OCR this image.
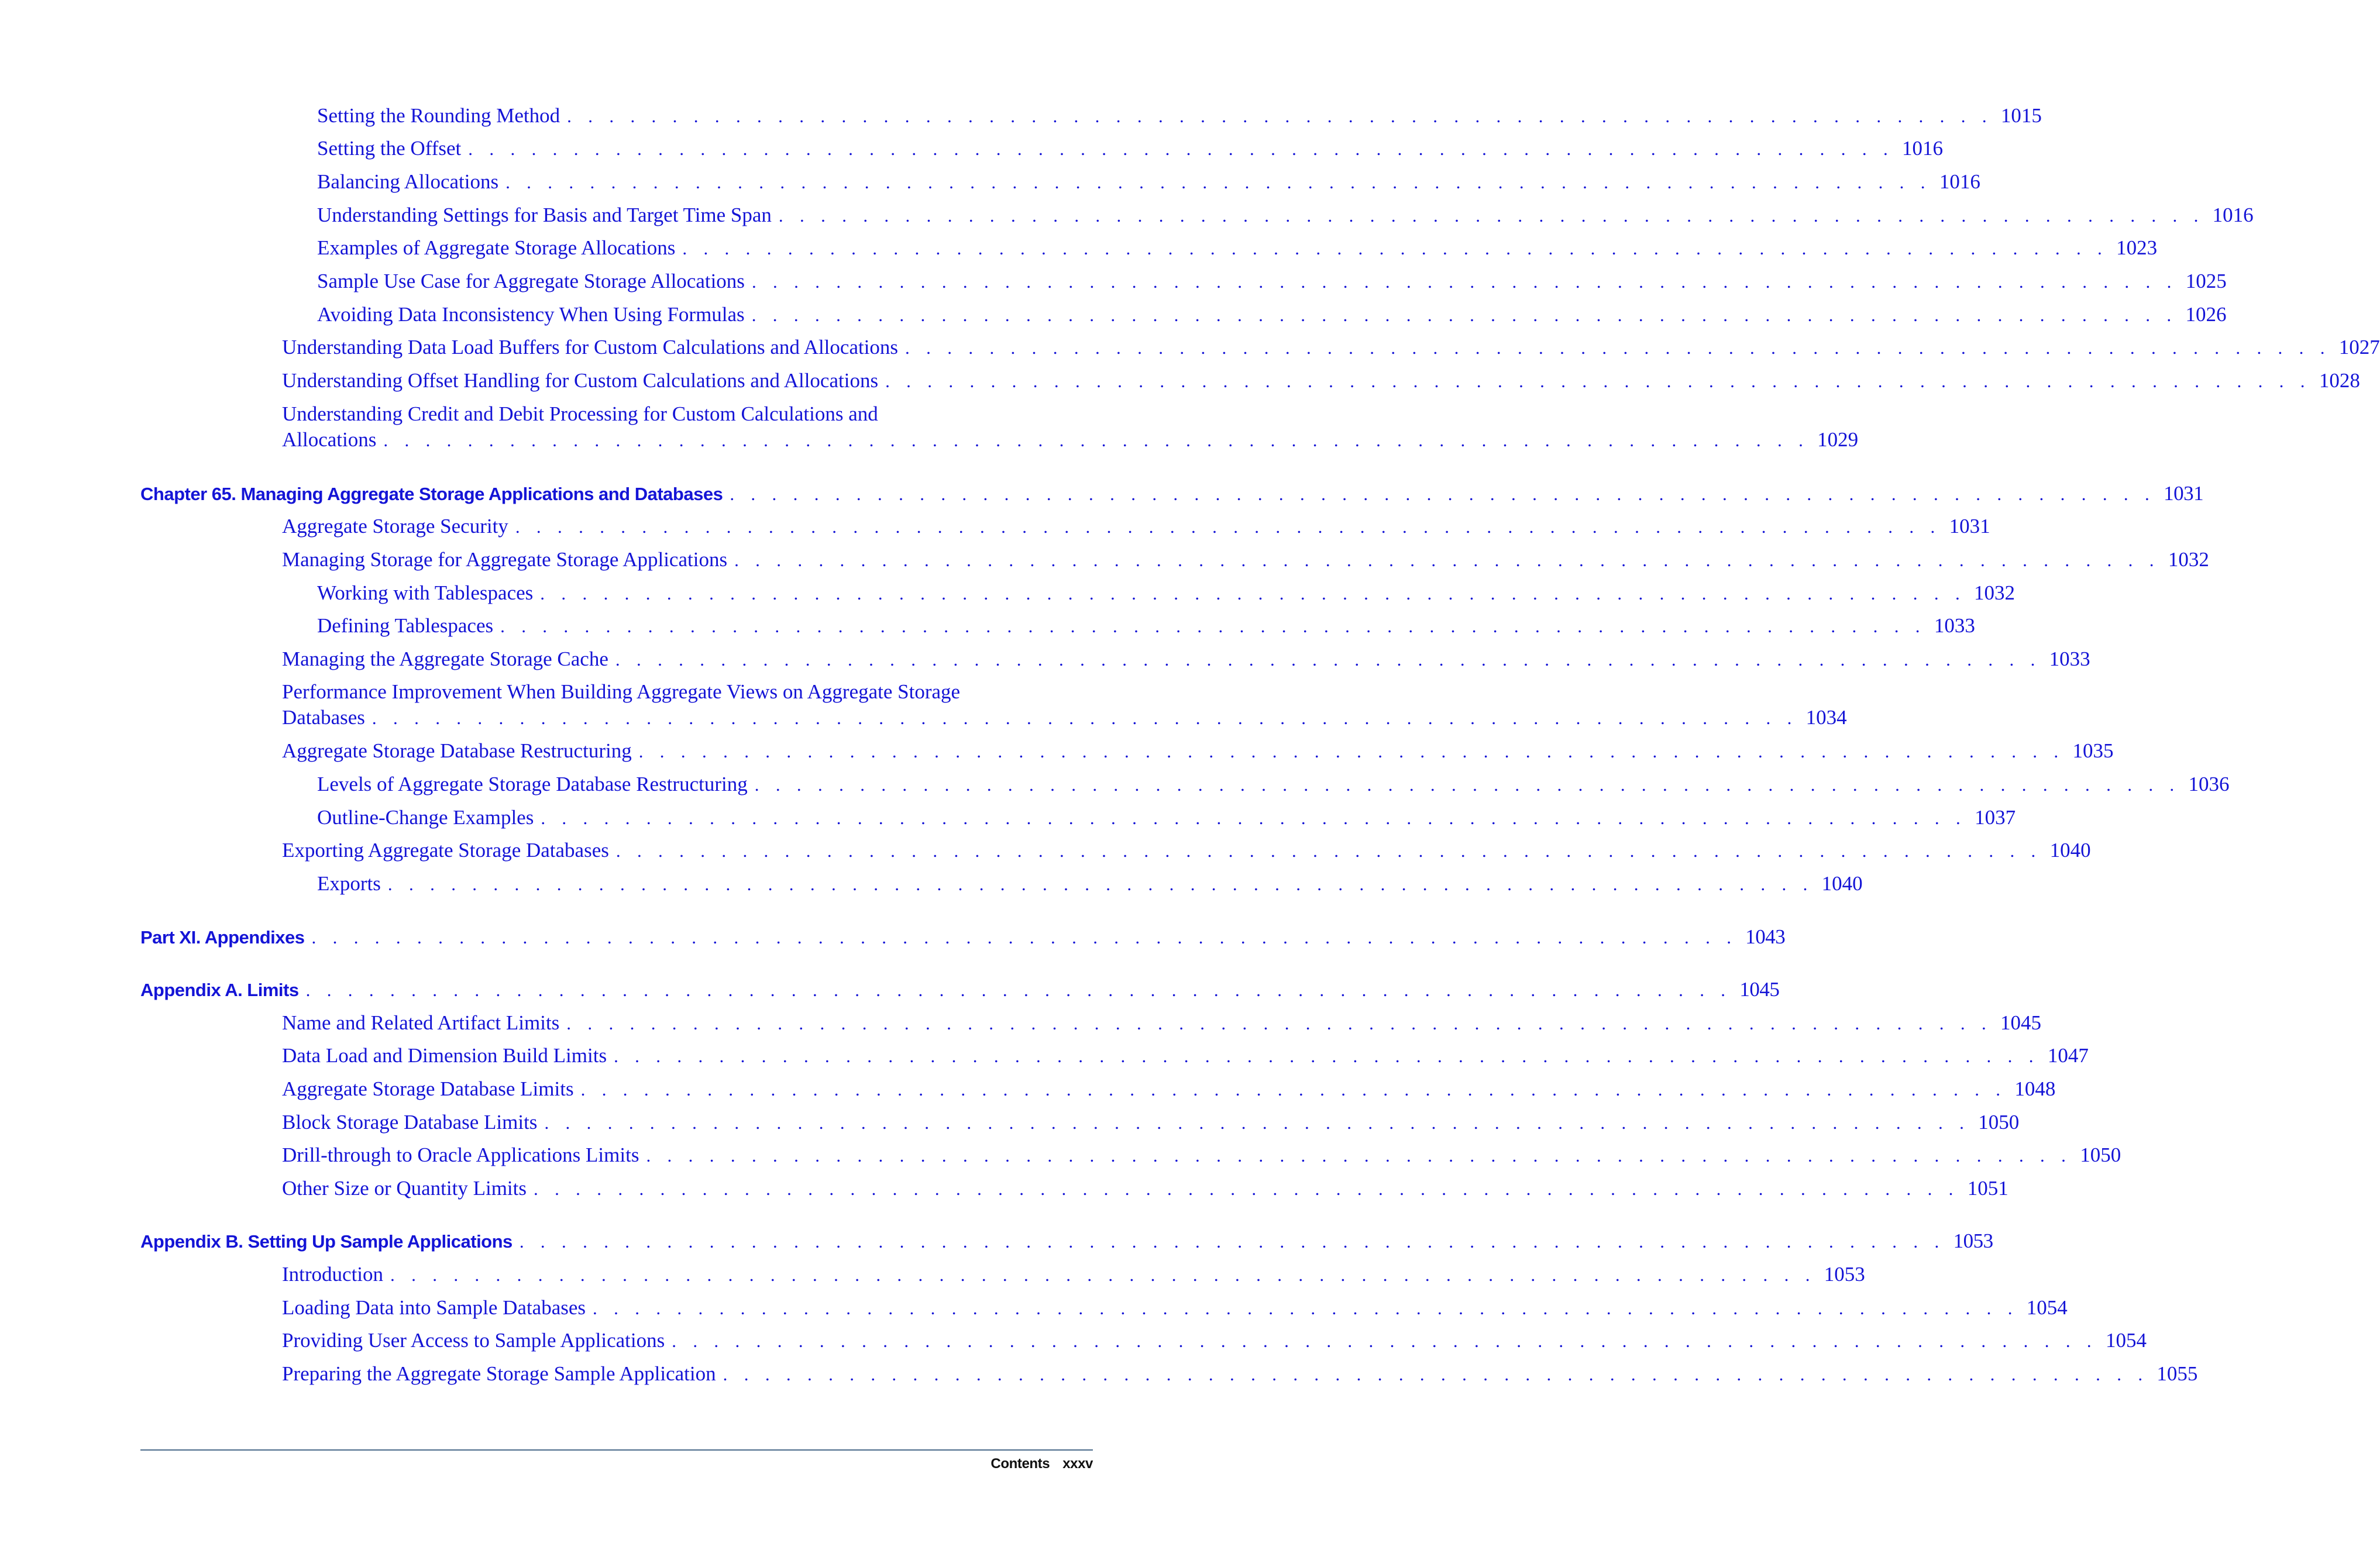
Setting the Rounding Method . . . . . . . . . . . . . . . . . . . . . . . . . . . . . . . . . . . . . . . . . . . . . . . . . . . . . . . . . . . . . . . . . . . . 1015
Setting the Offset . . . . . . . . . . . . . . . . . . . . . . . . . . . . . . . . . . . . . . . . . . . . . . . . . . . . . . . . . . . . . . . . . . . . 1016
Balancing Allocations . . . . . . . . . . . . . . . . . . . . . . . . . . . . . . . . . . . . . . . . . . . . . . . . . . . . . . . . . . . . . . . . . . . . 1016
Understanding Settings for Basis and Target Time Span . . . . . . . . . . . . . . . . . . . . . . . . . . . . . . . . . . . . . . . . . . . . . . . . . . . . . . . . . . . . . . . . . . . . 1016
Examples of Aggregate Storage Allocations . . . . . . . . . . . . . . . . . . . . . . . . . . . . . . . . . . . . . . . . . . . . . . . . . . . . . . . . . . . . . . . . . . . . 1023
Sample Use Case for Aggregate Storage Allocations . . . . . . . . . . . . . . . . . . . . . . . . . . . . . . . . . . . . . . . . . . . . . . . . . . . . . . . . . . . . . . . . . . . . 1025
Avoiding Data Inconsistency When Using Formulas . . . . . . . . . . . . . . . . . . . . . . . . . . . . . . . . . . . . . . . . . . . . . . . . . . . . . . . . . . . . . . . . . . . . 1026
Understanding Data Load Buffers for Custom Calculations and Allocations . . . . . . . . . . . . . . . . . . . . . . . . . . . . . . . . . . . . . . . . . . . . . . . . . . . . . . . . . . . . . . . . . . . . 1027
Understanding Offset Handling for Custom Calculations and Allocations . . . . . . . . . . . . . . . . . . . . . . . . . . . . . . . . . . . . . . . . . . . . . . . . . . . . . . . . . . . . . . . . . . . . 1028
Understanding Credit and Debit Processing for Custom Calculations and
Allocations . . . . . . . . . . . . . . . . . . . . . . . . . . . . . . . . . . . . . . . . . . . . . . . . . . . . . . . . . . . . . . . . . . . . 1029
Chapter 65. Managing Aggregate Storage Applications and Databases . . . . . . . . . . . . . . . . . . . . . . . . . . . . . . . . . . . . . . . . . . . . . . . . . . . . . . . . . . . . . . . . . . . . 1031
Aggregate Storage Security . . . . . . . . . . . . . . . . . . . . . . . . . . . . . . . . . . . . . . . . . . . . . . . . . . . . . . . . . . . . . . . . . . . . 1031
Managing Storage for Aggregate Storage Applications . . . . . . . . . . . . . . . . . . . . . . . . . . . . . . . . . . . . . . . . . . . . . . . . . . . . . . . . . . . . . . . . . . . . 1032
Working with Tablespaces . . . . . . . . . . . . . . . . . . . . . . . . . . . . . . . . . . . . . . . . . . . . . . . . . . . . . . . . . . . . . . . . . . . . 1032
Defining Tablespaces . . . . . . . . . . . . . . . . . . . . . . . . . . . . . . . . . . . . . . . . . . . . . . . . . . . . . . . . . . . . . . . . . . . . 1033
Managing the Aggregate Storage Cache . . . . . . . . . . . . . . . . . . . . . . . . . . . . . . . . . . . . . . . . . . . . . . . . . . . . . . . . . . . . . . . . . . . . 1033
Performance Improvement When Building Aggregate Views on Aggregate Storage
Databases . . . . . . . . . . . . . . . . . . . . . . . . . . . . . . . . . . . . . . . . . . . . . . . . . . . . . . . . . . . . . . . . . . . . 1034
Aggregate Storage Database Restructuring . . . . . . . . . . . . . . . . . . . . . . . . . . . . . . . . . . . . . . . . . . . . . . . . . . . . . . . . . . . . . . . . . . . . 1035
Levels of Aggregate Storage Database Restructuring . . . . . . . . . . . . . . . . . . . . . . . . . . . . . . . . . . . . . . . . . . . . . . . . . . . . . . . . . . . . . . . . . . . . 1036
Outline-Change Examples . . . . . . . . . . . . . . . . . . . . . . . . . . . . . . . . . . . . . . . . . . . . . . . . . . . . . . . . . . . . . . . . . . . . 1037
Exporting Aggregate Storage Databases . . . . . . . . . . . . . . . . . . . . . . . . . . . . . . . . . . . . . . . . . . . . . . . . . . . . . . . . . . . . . . . . . . . . 1040
Exports . . . . . . . . . . . . . . . . . . . . . . . . . . . . . . . . . . . . . . . . . . . . . . . . . . . . . . . . . . . . . . . . . . . . 1040
Part XI. Appendixes . . . . . . . . . . . . . . . . . . . . . . . . . . . . . . . . . . . . . . . . . . . . . . . . . . . . . . . . . . . . . . . . . . . . 1043
Appendix A. Limits . . . . . . . . . . . . . . . . . . . . . . . . . . . . . . . . . . . . . . . . . . . . . . . . . . . . . . . . . . . . . . . . . . . . 1045
Name and Related Artifact Limits . . . . . . . . . . . . . . . . . . . . . . . . . . . . . . . . . . . . . . . . . . . . . . . . . . . . . . . . . . . . . . . . . . . . 1045
Data Load and Dimension Build Limits . . . . . . . . . . . . . . . . . . . . . . . . . . . . . . . . . . . . . . . . . . . . . . . . . . . . . . . . . . . . . . . . . . . . 1047
Aggregate Storage Database Limits . . . . . . . . . . . . . . . . . . . . . . . . . . . . . . . . . . . . . . . . . . . . . . . . . . . . . . . . . . . . . . . . . . . . 1048
Block Storage Database Limits . . . . . . . . . . . . . . . . . . . . . . . . . . . . . . . . . . . . . . . . . . . . . . . . . . . . . . . . . . . . . . . . . . . . 1050
Drill-through to Oracle Applications Limits . . . . . . . . . . . . . . . . . . . . . . . . . . . . . . . . . . . . . . . . . . . . . . . . . . . . . . . . . . . . . . . . . . . . 1050
Other Size or Quantity Limits . . . . . . . . . . . . . . . . . . . . . . . . . . . . . . . . . . . . . . . . . . . . . . . . . . . . . . . . . . . . . . . . . . . . 1051
Appendix B. Setting Up Sample Applications . . . . . . . . . . . . . . . . . . . . . . . . . . . . . . . . . . . . . . . . . . . . . . . . . . . . . . . . . . . . . . . . . . . . 1053
Introduction . . . . . . . . . . . . . . . . . . . . . . . . . . . . . . . . . . . . . . . . . . . . . . . . . . . . . . . . . . . . . . . . . . . . 1053
Loading Data into Sample Databases . . . . . . . . . . . . . . . . . . . . . . . . . . . . . . . . . . . . . . . . . . . . . . . . . . . . . . . . . . . . . . . . . . . . 1054
Providing User Access to Sample Applications . . . . . . . . . . . . . . . . . . . . . . . . . . . . . . . . . . . . . . . . . . . . . . . . . . . . . . . . . . . . . . . . . . . . 1054
Preparing the Aggregate Storage Sample Application . . . . . . . . . . . . . . . . . . . . . . . . . . . . . . . . . . . . . . . . . . . . . . . . . . . . . . . . . . . . . . . . . . . . 1055
Contents xxxv
